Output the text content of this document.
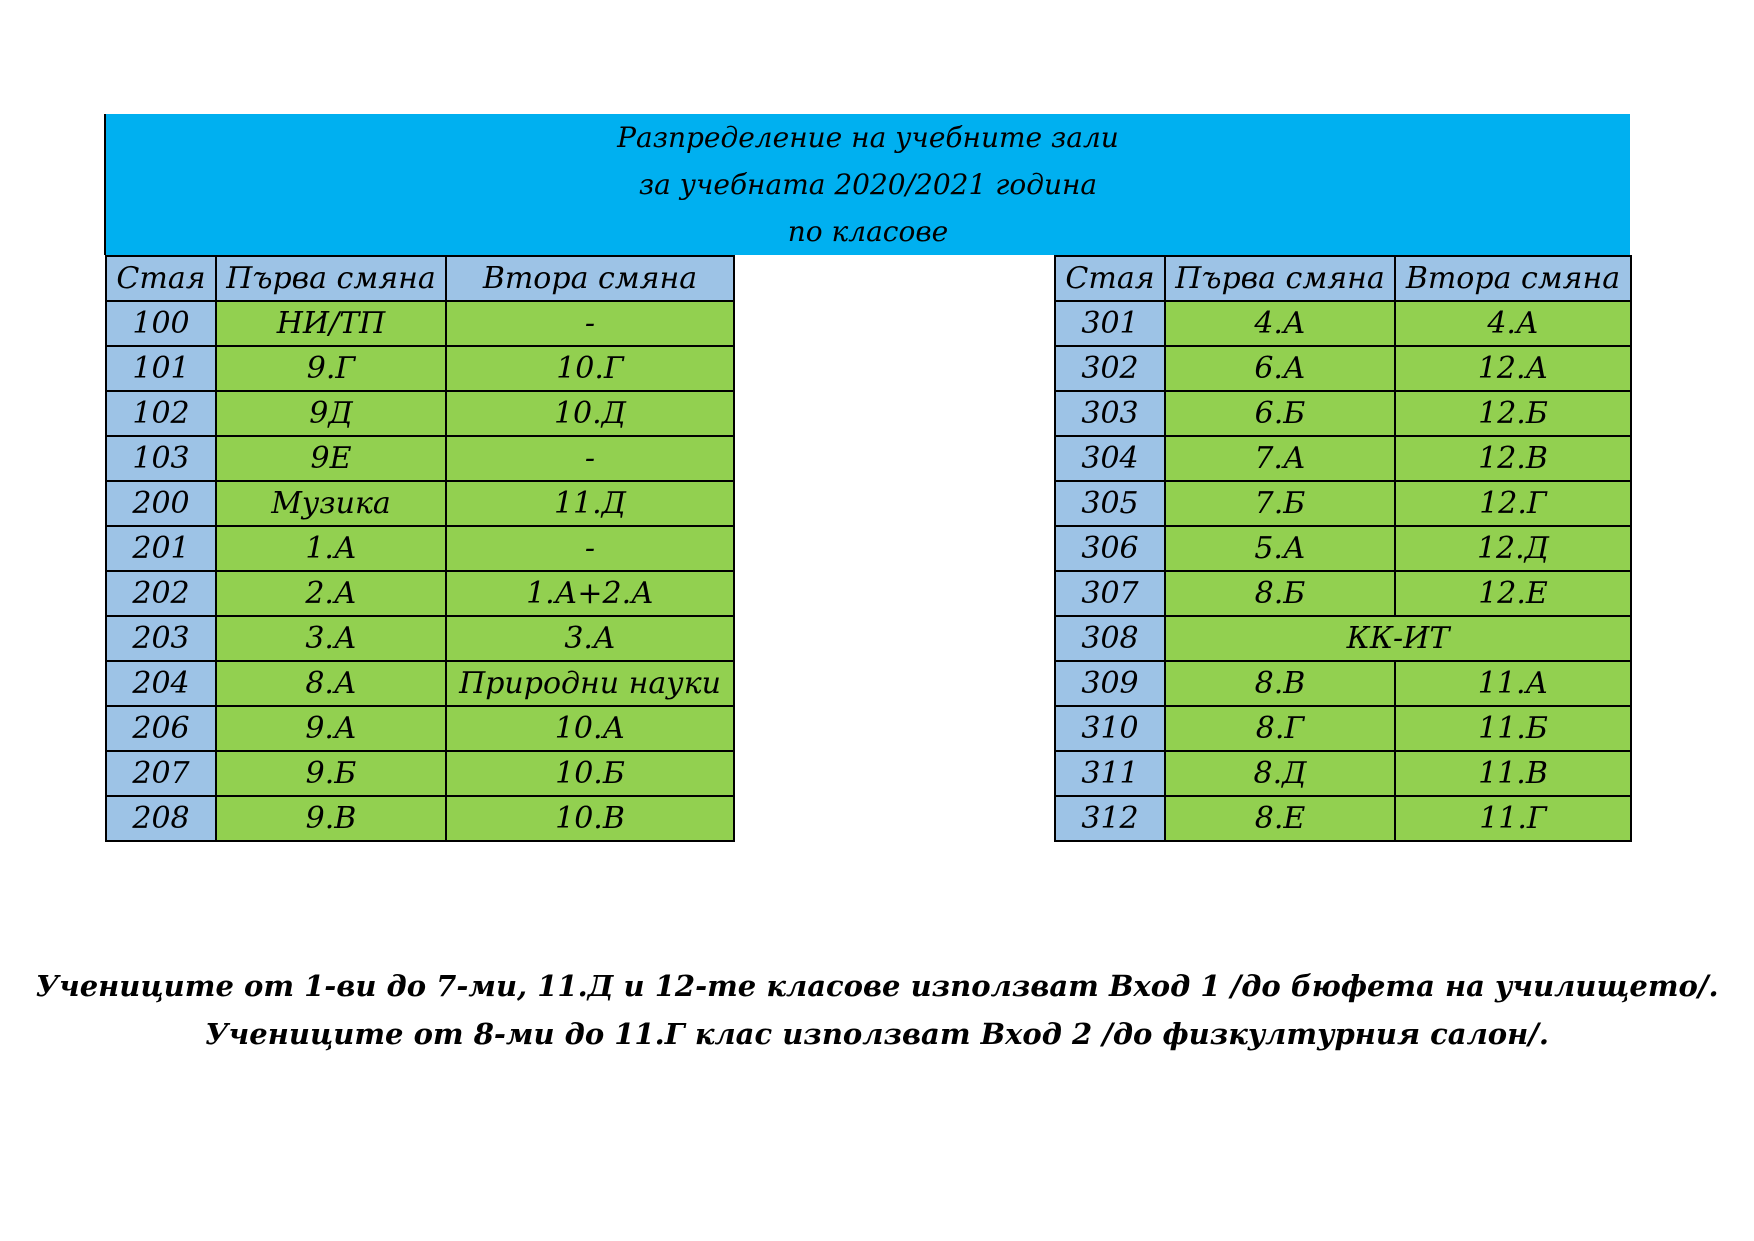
Разпределение на учебните зали
за учебната 2020/2021 година
по класове
Стая	Първа смяна	Втора смяна
100	НИ/ТП	-
101	9.Г	10.Г
102	9Д	10.Д
103	9Е	-
200	Музика	11.Д
201	1.А	-
202	2.А	1.А+2.А
203	3.А	3.А
204	8.А	Природни науки
206	9.А	10.А
207	9.Б	10.Б
208	9.В	10.В
Стая	Първа смяна	Втора смяна
301	4.А	4.А
302	6.А	12.А
303	6.Б	12.Б
304	7.А	12.В
305	7.Б	12.Г
306	5.А	12.Д
307	8.Б	12.Е
308	КК-ИТ	
309	8.В	11.А
310	8.Г	11.Б
311	8.Д	11.В
312	8.Е	11.Г
Учениците от 1-ви до 7-ми, 11.Д и 12-те класове използват Вход 1 /до бюфета на училището/.
Учениците от 8-ми до 11.Г клас използват Вход 2 /до физкултурния салон/.
